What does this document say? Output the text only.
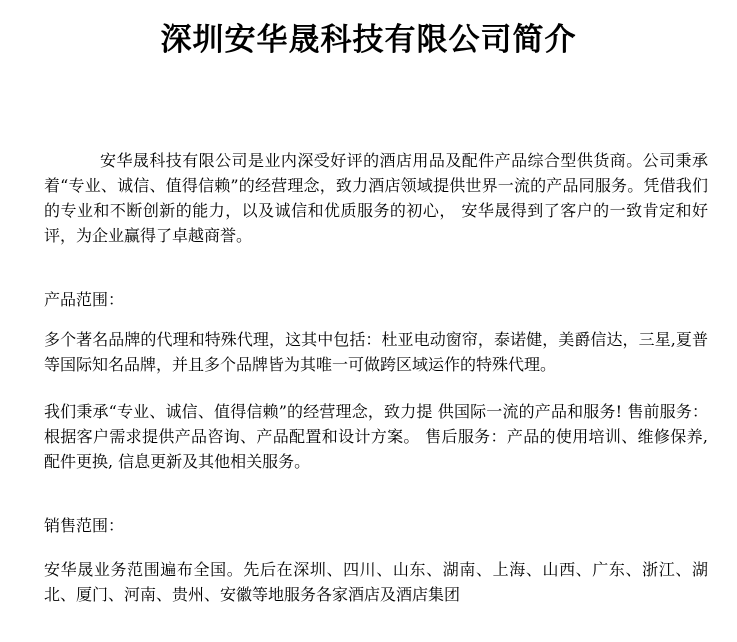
深圳安华晟科技有限公司简介

安华晟科技有限公司是业内深受好评的酒店用品及配件产品综合型供货商。公司秉承着“专业、诚信、值得信赖”的经营理念，致力酒店领域提供世界一流的产品同服务。凭借我们的专业和不断创新的能力，以及诚信和优质服务的初心， 安华晟得到了客户的一致肯定和好评，为企业赢得了卓越商誉。

产品范围：

多个著名品牌的代理和特殊代理，这其中包括：杜亚电动窗帘，泰诺健，美爵信达，三星,夏普等国际知名品牌，并且多个品牌皆为其唯一可做跨区域运作的特殊代理。

我们秉承“专业、诚信、值得信赖”的经营理念，致力提 供国际一流的产品和服务! 售前服务：根据客户需求提供产品咨询、产品配置和设计方案。 售后服务：产品的使用培训、维修保养, 配件更换, 信息更新及其他相关服务。

销售范围：

安华晟业务范围遍布全国。先后在深圳、四川、山东、湖南、上海、山西、广东、浙江、湖北、厦门、河南、贵州、安徽等地服务各家酒店及酒店集团
